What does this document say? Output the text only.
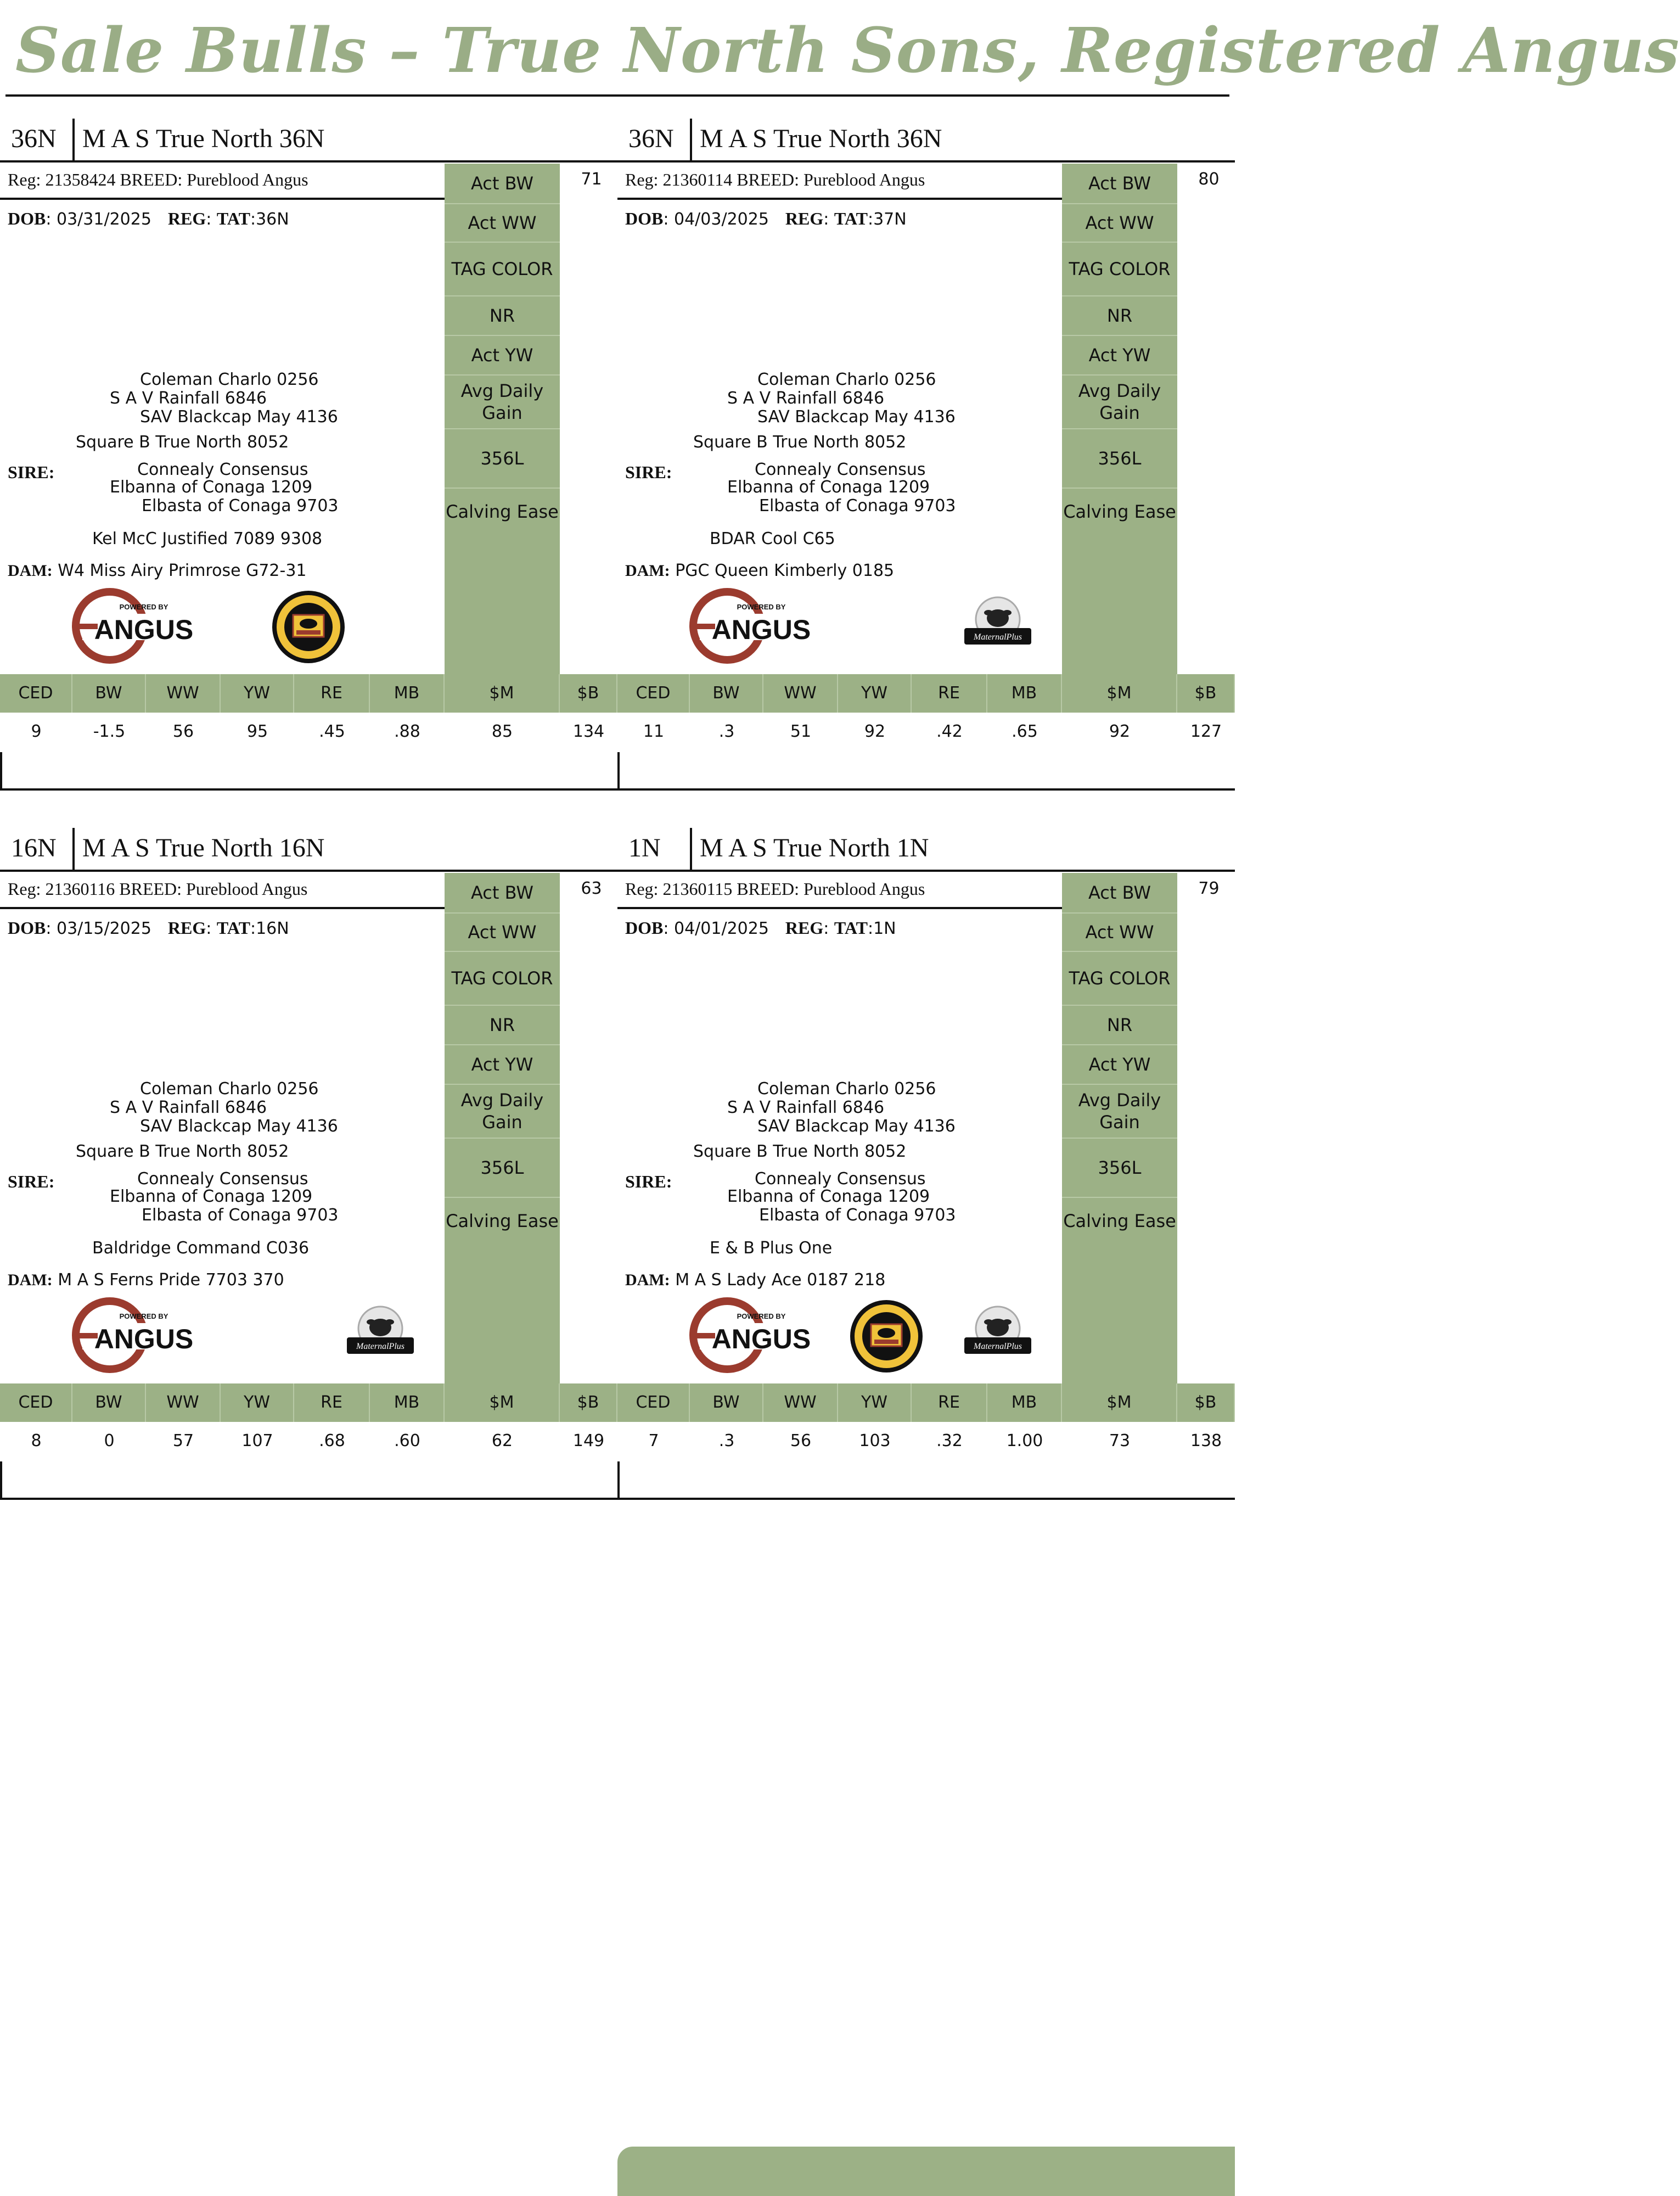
Sale Bulls – True North Sons, Registered Angus
36N M A S True North 36N
Reg: 21358424 BREED: Pureblood Angus
DOB: 03/31/2025 REG: TAT:36N
Coleman Charlo 0256
S A V Rainfall 6846
SAV Blackcap May 4136
Square B True North 8052
SIRE:	Connealy Consensus
Elbanna of Conaga 1209
Elbasta of Conaga 9703
Kel McC Justified 7089 9308
DAM: W4 Miss Airy Primrose G72-31
POWERED BY
ANGUS
Act BW
Act WW
TAG COLOR
NR
Act YW
Avg Daily Gain
356L
Calving Ease
71
CED	BW	WW	YW	RE	MB	$M	$B
9	-1.5	56	95	.45	.88	85	134
36N M A S True North 36N
Reg: 21360114 BREED: Pureblood Angus
DOB: 04/03/2025 REG: TAT:37N
Coleman Charlo 0256
S A V Rainfall 6846
SAV Blackcap May 4136
Square B True North 8052
SIRE:	Connealy Consensus
Elbanna of Conaga 1209
Elbasta of Conaga 9703
BDAR Cool C65
DAM: PGC Queen Kimberly 0185
POWERED BY
ANGUS	MaternalPlus
Act BW
Act WW
TAG COLOR
NR
Act YW
Avg Daily Gain
356L
Calving Ease
80
CED	BW	WW	YW	RE	MB	$M	$B
11	.3	51	92	.42	.65	92	127
16N M A S True North 16N
Reg: 21360116 BREED: Pureblood Angus
DOB: 03/15/2025 REG: TAT:16N
Coleman Charlo 0256
S A V Rainfall 6846
SAV Blackcap May 4136
Square B True North 8052
SIRE:	Connealy Consensus
Elbanna of Conaga 1209
Elbasta of Conaga 9703
Baldridge Command C036
DAM: M A S Ferns Pride 7703 370
POWERED BY
ANGUS	MaternalPlus
Act BW
Act WW
TAG COLOR
NR
Act YW
Avg Daily Gain
356L
Calving Ease
63
CED	BW	WW	YW	RE	MB	$M	$B
8	0	57	107	.68	.60	62	149
1N M A S True North 1N
Reg: 21360115 BREED: Pureblood Angus
DOB: 04/01/2025 REG: TAT:1N
Coleman Charlo 0256
S A V Rainfall 6846
SAV Blackcap May 4136
Square B True North 8052
SIRE:	Connealy Consensus
Elbanna of Conaga 1209
Elbasta of Conaga 9703
E & B Plus One
DAM: M A S Lady Ace 0187 218
POWERED BY
ANGUS	MaternalPlus
Act BW
Act WW
TAG COLOR
NR
Act YW
Avg Daily Gain
356L
Calving Ease
79
CED	BW	WW	YW	RE	MB	$M	$B
7	.3	56	103	.32	1.00	73	138
